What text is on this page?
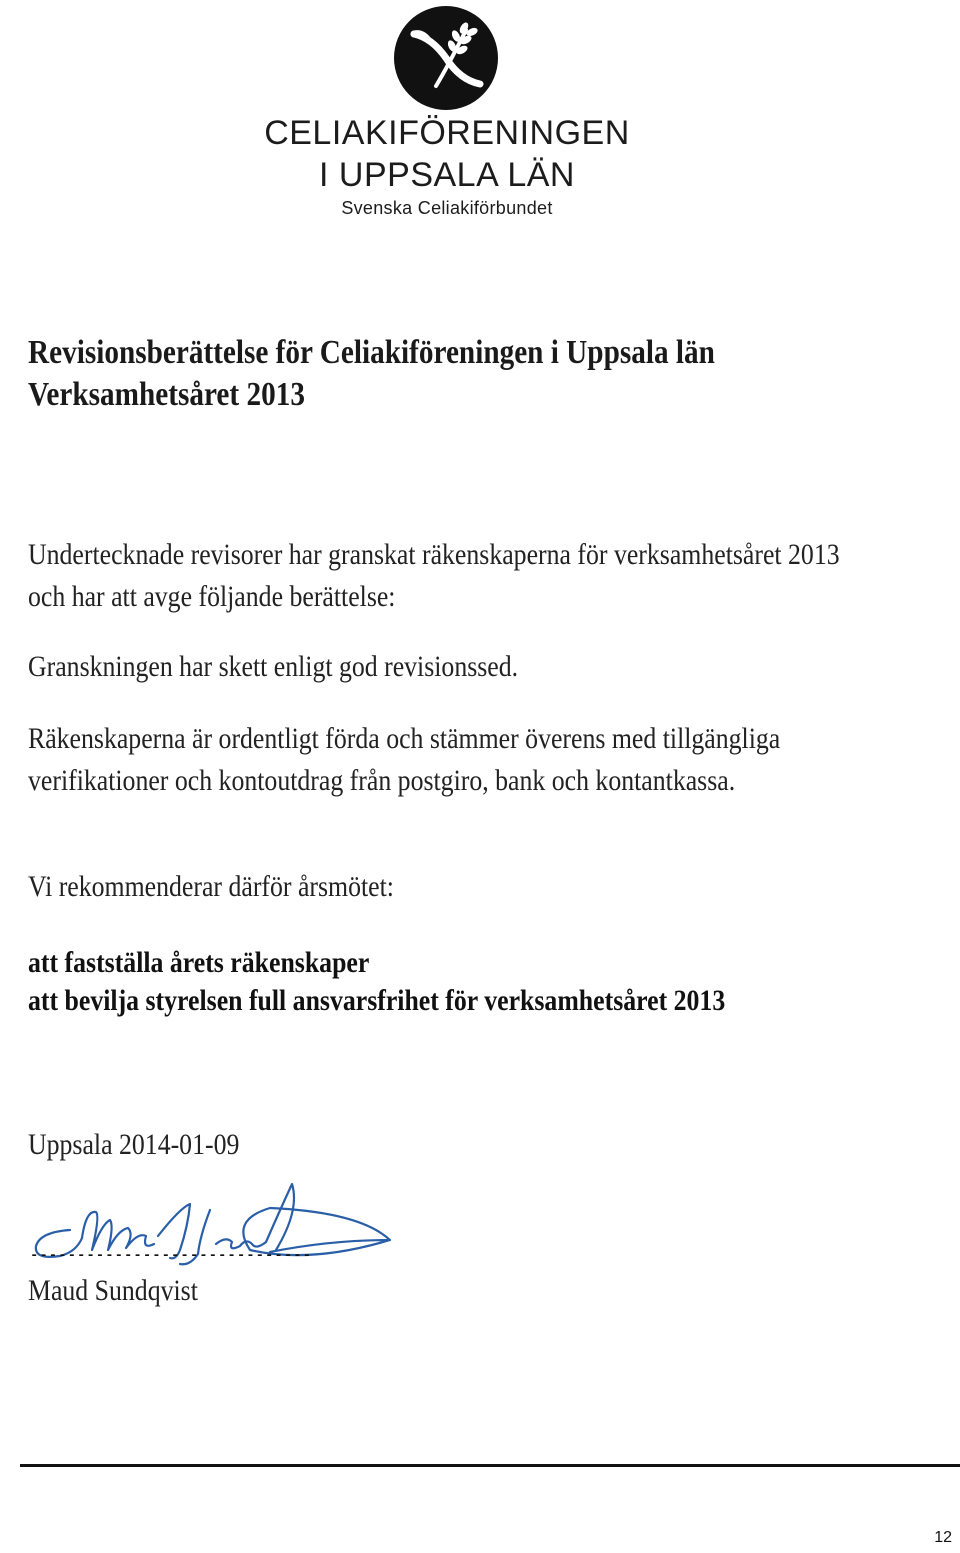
CELIAKIFÖRENINGEN

I UPPSALA LÄN

Svenska Celiakiförbundet

Revisionsberättelse för Celiakiföreningen i Uppsala län
Verksamhetsåret 2013

Undertecknade revisorer har granskat räkenskaperna för verksamhetsåret 2013

och har att avge följande berättelse:

Granskningen har skett enligt god revisionssed.

Räkenskaperna är ordentligt förda och stämmer överens med tillgängliga

verifikationer och kontoutdrag från postgiro, bank och kontantkassa.

Vi rekommenderar därför årsmötet:

att fastställa årets räkenskaper

att bevilja styrelsen full ansvarsfrihet för verksamhetsåret 2013

Uppsala 2014-01-09

------------------------------

Maud Sundqvist

12
